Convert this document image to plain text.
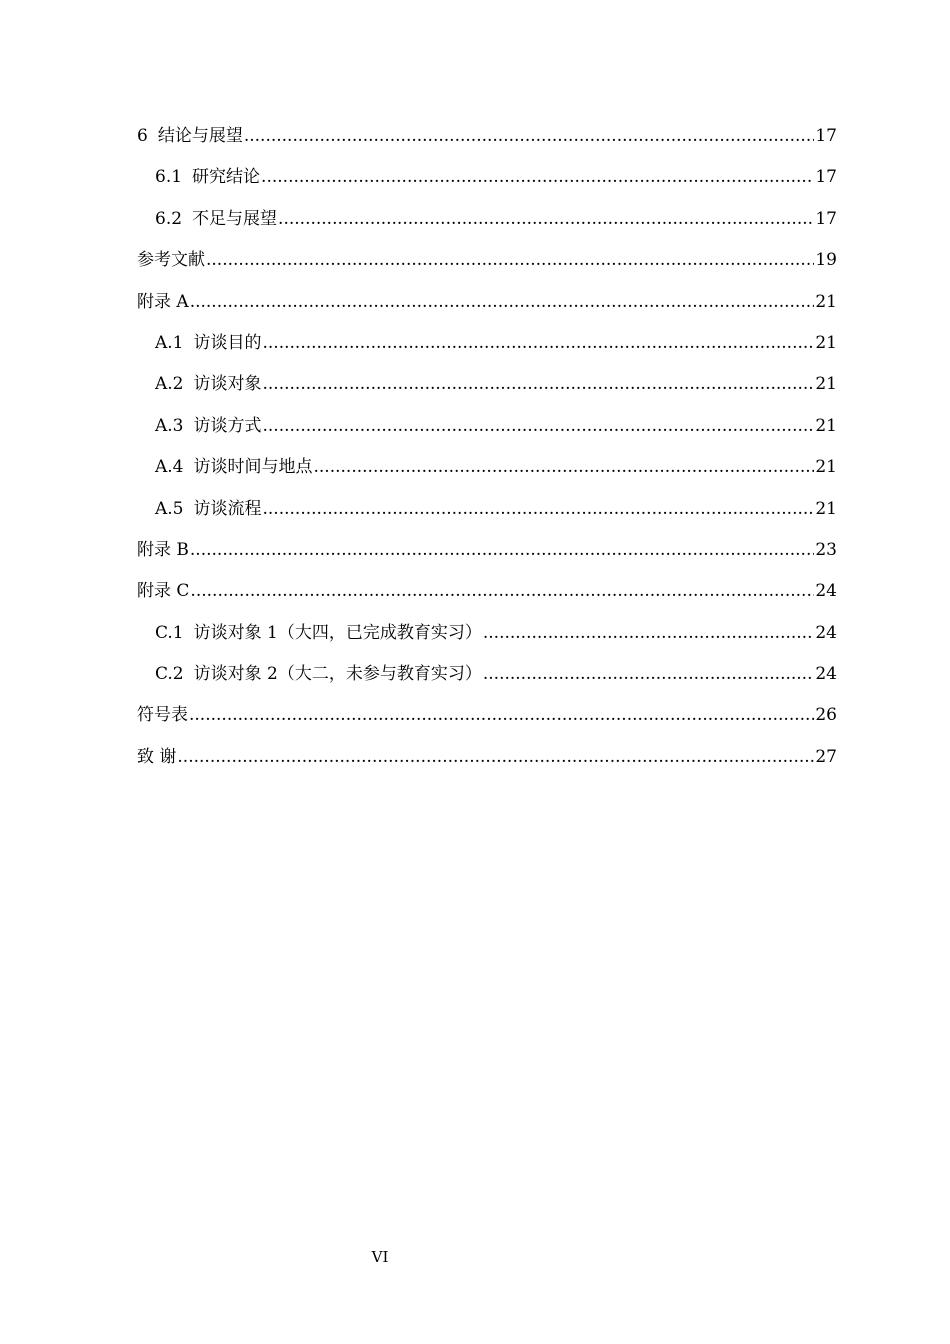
6 结论与展望 .....	17
6.1 研究结论 .....	17
6.2 不足与展望 .....	17
参考文献 .....	19
附录 A .....	21
A.1 访谈目的 .....	21
A.2 访谈对象 .....	21
A.3 访谈方式 .....	21
A.4 访谈时间与地点 .....	21
A.5 访谈流程 .....	21
附录 B .....	23
附录 C .....	24
C.1 访谈对象 1（大四，已完成教育实习） .....	24
C.2 访谈对象 2（大二，未参与教育实习） .....	24
符号表 .....	26
致 谢 .....	27
VI
